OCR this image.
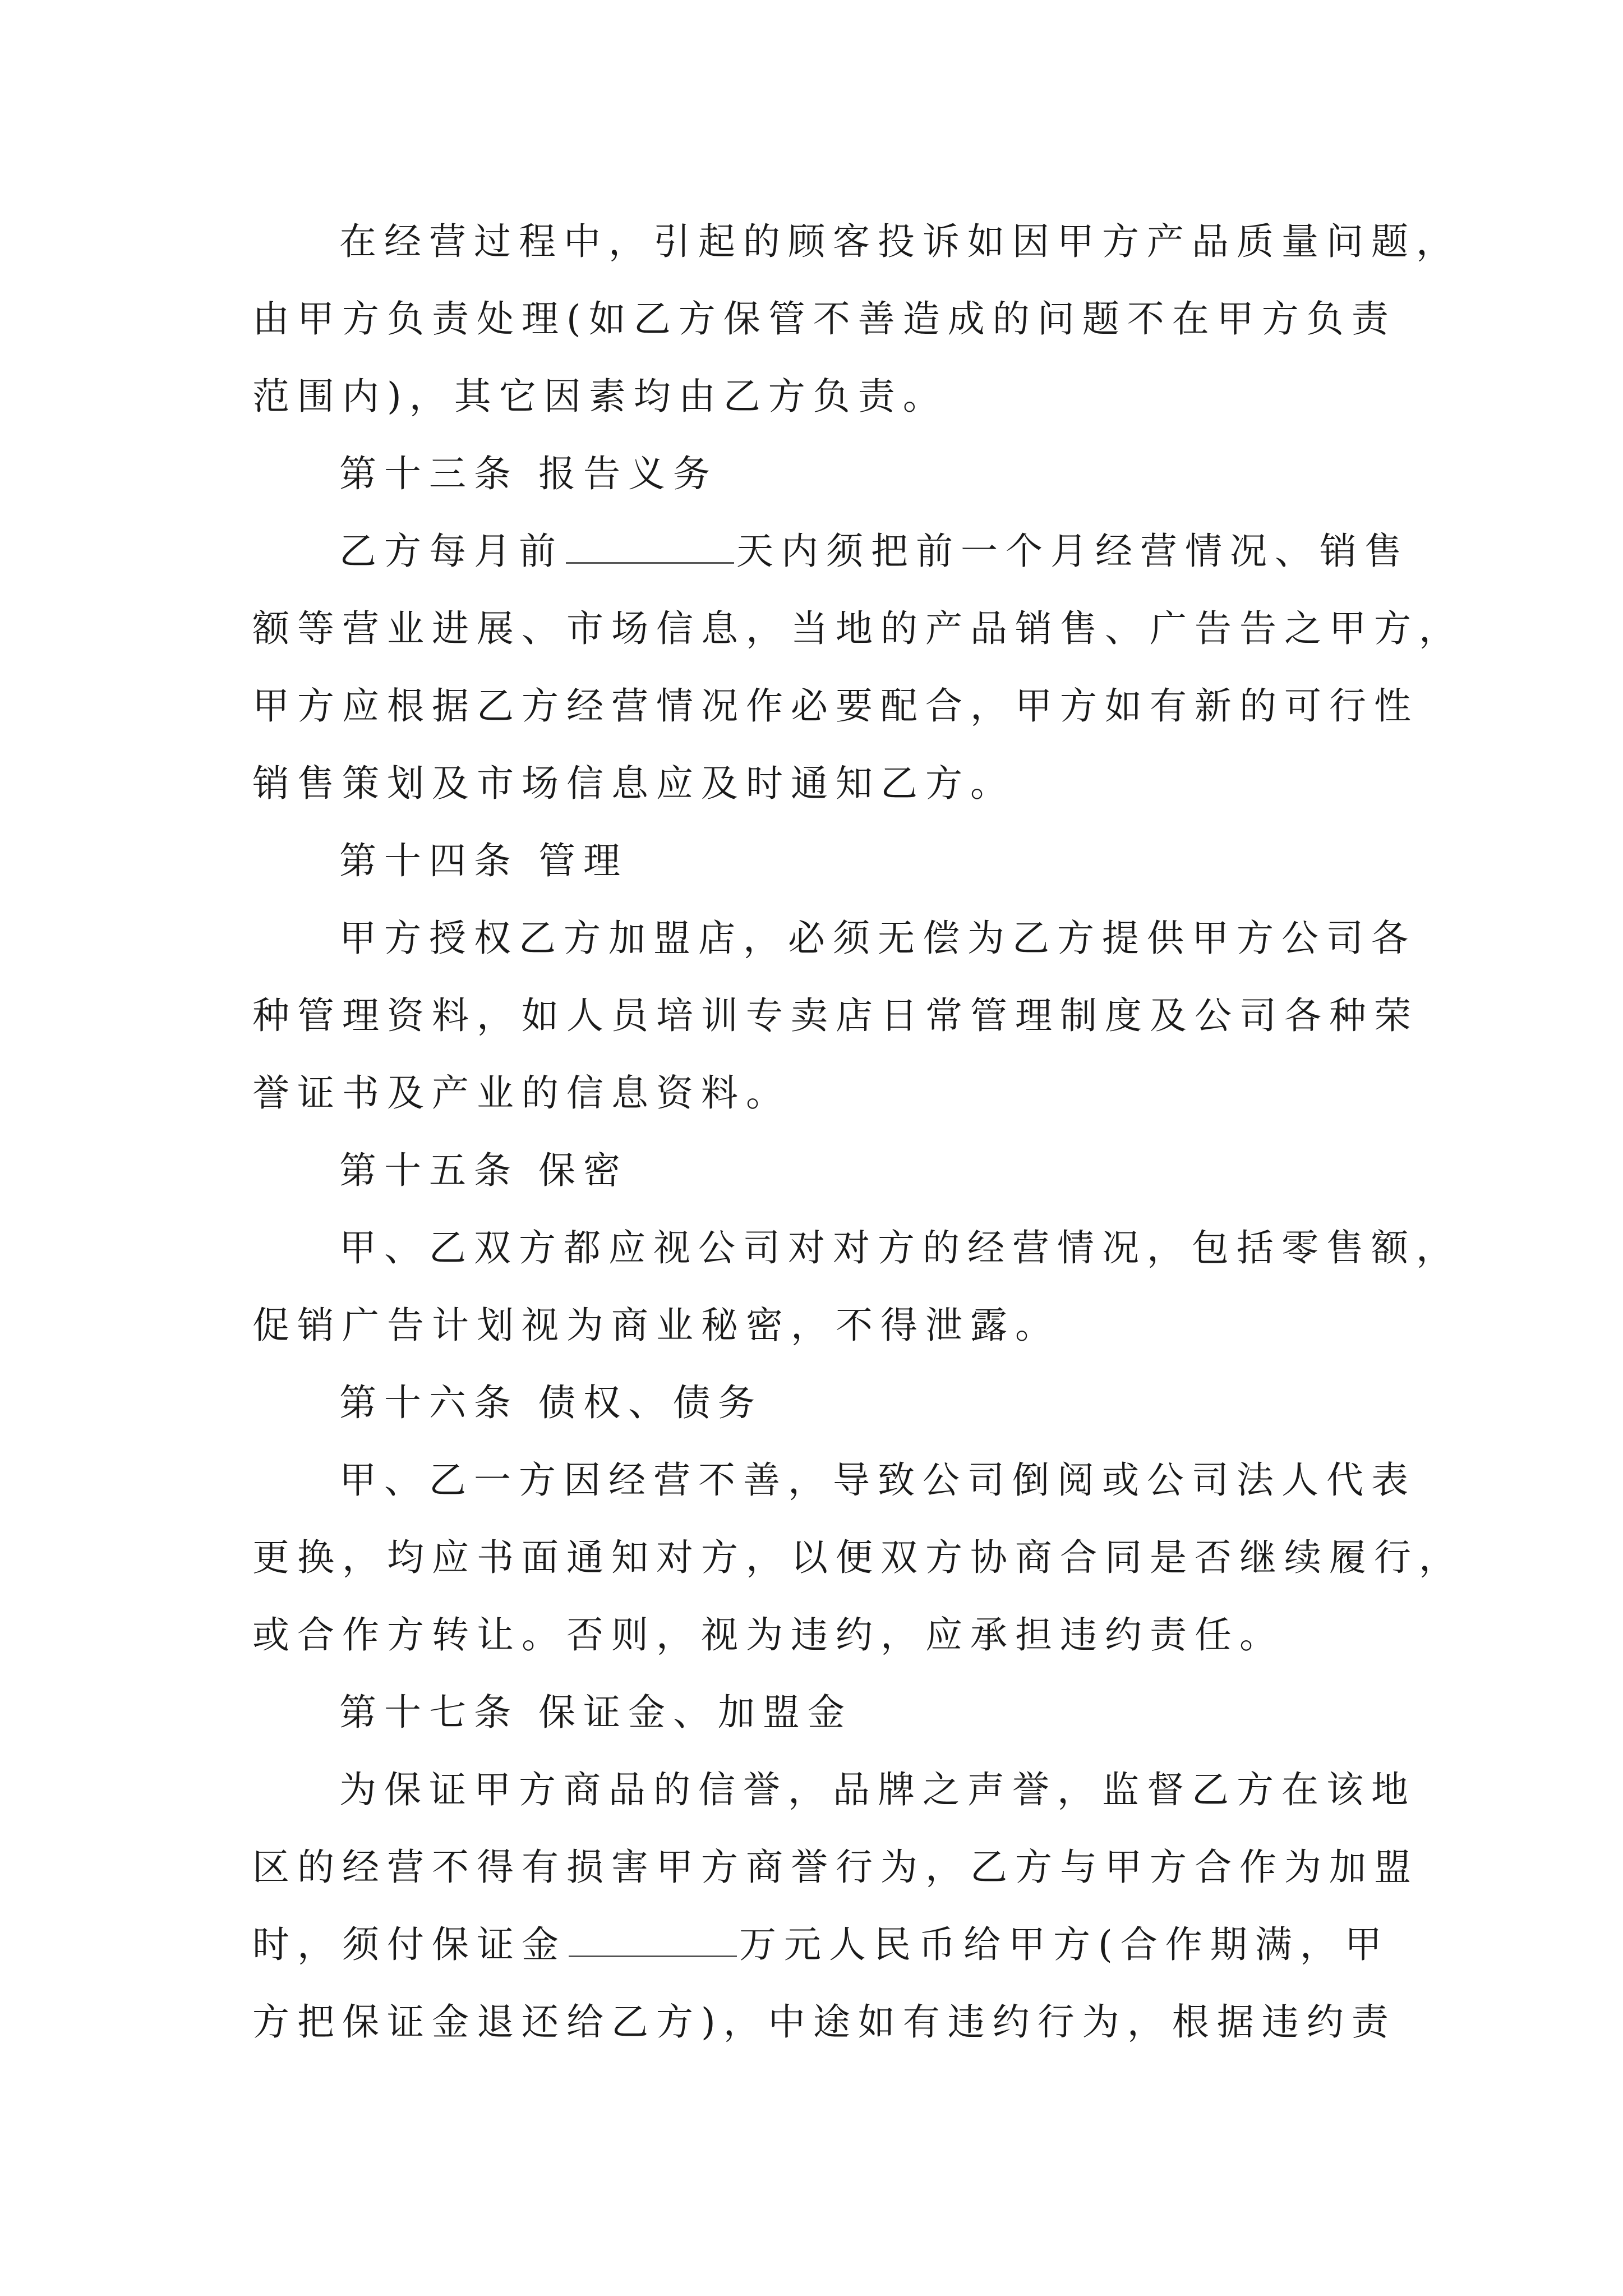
在经营过程中，引起的顾客投诉如因甲方产品质量问题，
由甲方负责处理(如乙方保管不善造成的问题不在甲方负责
范围内)，其它因素均由乙方负责。
第十三条 报告义务
乙方每月前	天内须把前一个月经营情况、销售
额等营业进展、市场信息，当地的产品销售、广告告之甲方，
甲方应根据乙方经营情况作必要配合，甲方如有新的可行性
销售策划及市场信息应及时通知乙方。
第十四条 管理
甲方授权乙方加盟店，必须无偿为乙方提供甲方公司各
种管理资料，如人员培训专卖店日常管理制度及公司各种荣
誉证书及产业的信息资料。
第十五条 保密
甲、乙双方都应视公司对对方的经营情况，包括零售额，
促销广告计划视为商业秘密，不得泄露。
第十六条 债权、债务
甲、乙一方因经营不善，导致公司倒阅或公司法人代表
更换，均应书面通知对方，以便双方协商合同是否继续履行，
或合作方转让。否则，视为违约，应承担违约责任。
第十七条 保证金、加盟金
为保证甲方商品的信誉，品牌之声誉，监督乙方在该地
区的经营不得有损害甲方商誉行为，乙方与甲方合作为加盟
时，须付保证金	万元人民币给甲方(合作期满，甲
方把保证金退还给乙方)，中途如有违约行为，根据违约责
